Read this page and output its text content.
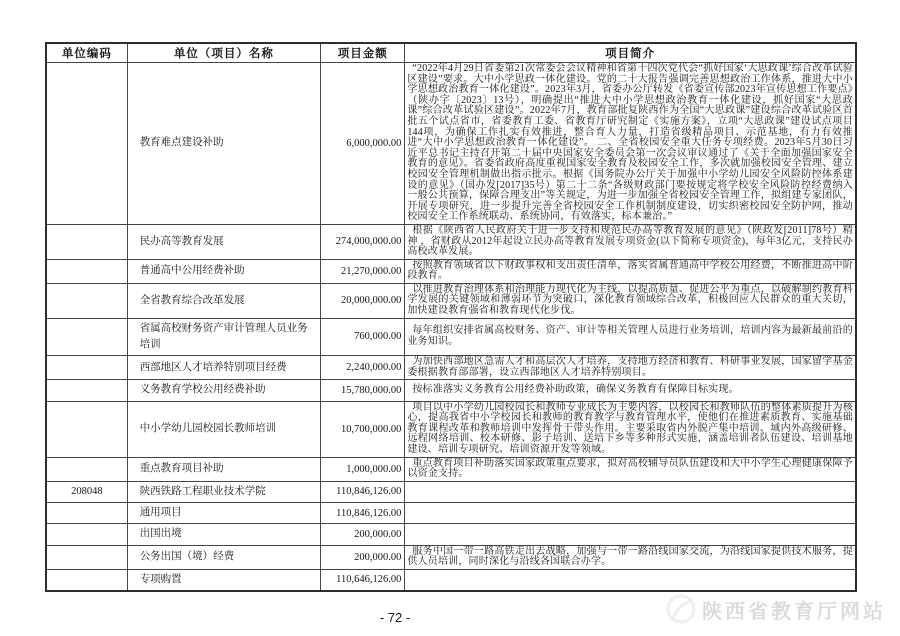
单位编码	单位（项目）名称	项目金额	项目简介
	教育难点建设补助	6,000,000.00	“2022年4月29日省委第21次常委会会议精神和省第十四次党代会“抓好国家‘大思政课’综合改革试验区建设”要求。大中小学思政一体化建设。党的二十大报告强调完善思想政治工作体系，推进大中小学思想政治教育一体化建设”。2023年3月，省委办公厅转发《省委宣传部2023年宣传思想工作要点》（陕办字〔2023〕13号），明确提出“推进大中小学思想政治教育一体化建设，抓好国家“大思政课”综合改革试验区建设”。2022年7月，教育部批复陕西作为全国“大思政课”建设综合改革试验区首批五个试点省市，省委教育工委、省教育厅研究制定《实施方案》，立项“大思政课”建设试点项目144项，为确保工作扎实有效推进，整合育人力量，打造省级精品项目、示范基地，有力有效推进“大中小学思想政治教育一体化建设”。 二、全省校园安全重大任务专项经费。2023年5月30日习近平总书记主持召开第二十届中央国家安全委员会第一次会议审议通过了《关于全面加强国家安全教育的意见》。省委省政府高度重视国家安全教育及校园安全工作，多次就加强校园安全管理、建立校园安全管理机制做出指示批示。根据《国务院办公厅关于加强中小学幼儿园安全风险防控体系建设的意见》（国办发[2017]35号）第二十二条“各级财政部门要按规定将学校安全风险防控经费纳入一般公共预算，保障合理支出”等关规定，为进一步加强全省校园安全管理工作，拟组建专家团队，开展专项研究，进一步提升完善全省校园安全工作机制制度建设，切实织密校园安全防护网，推动校园安全工作系统联动、系统协同，有效落实，标本兼治。”
	民办高等教育发展	274,000,000.00	根据《陕西省人民政府关于进一步支持和规范民办高等教育发展的意见》（陕政发[2011]78号）精神 ，省财政从2012年起设立民办高等教育发展专项资金(以下简称专项资金)，每年3亿元，支持民办高校改革发展。
	普通高中公用经费补助	21,270,000.00	按照教育领域省以下财政事权和支出责任清单，落实省属普通高中学校公用经费，不断推进高中阶段教育。
	全省教育综合改革发展	20,000,000.00	以推进教育治理体系和治理能力现代化为主线，以提高质量、促进公平为重点，以破解制约教育科学发展的关键领域和薄弱环节为突破口，深化教育领域综合改革，积极回应人民群众的重大关切，加快建设教育强省和教育现代化步伐。
	省属高校财务资产审计管理人员业务培训	760,000.00	每年组织安排省属高校财务、资产、审计等相关管理人员进行业务培训，培训内容为最新最前沿的业务知识。
	西部地区人才培养特别项目经费	2,240,000.00	为加快西部地区急需人才和高层次人才培养，支持地方经济和教育、科研事业发展，国家留学基金委根据教育部部署，设立西部地区人才培养特别项目。
	义务教育学校公用经费补助	15,780,000.00	按标准落实义务教育公用经费补助政策，确保义务教育有保障目标实现。
	中小学幼儿园校园长教师培训	10,700,000.00	项目以中小学幼儿园校园长和教师专业成长为主要内容，以校园长和教师队伍的整体素质提升为核心，提高我省中小学校园长和教师的教育教学与教育管理水平，使他们在推进素质教育、实施基础教育课程改革和教师培训中发挥骨干带头作用。主要采取省内外脱产集中培训、域内外高级研修、远程网络培训、校本研修、影子培训、送培下乡等多种形式实施，涵盖培训者队伍建设、培训基地建设、培训专项研究、培训资源开发等领域。
	重点教育项目补助	1,000,000.00	重点教育项目补助落实国家政策重点要求，拟对高校辅导员队伍建设和大中小学生心理健康保障予以资金支持。
208048	陕西铁路工程职业技术学院	110,846,126.00	
	通用项目	110,846,126.00	
	出国出境	200,000.00	
	公务出国（境）经费	200,000.00	服务中国一带一路高铁走出去战略，加强与一带一路沿线国家交流，为沿线国家提供技术服务，提供人员培训，同时深化与沿线各国联合办学。
	专项购置	110,646,126.00	
- 72 -	陕西省教育厅网站
